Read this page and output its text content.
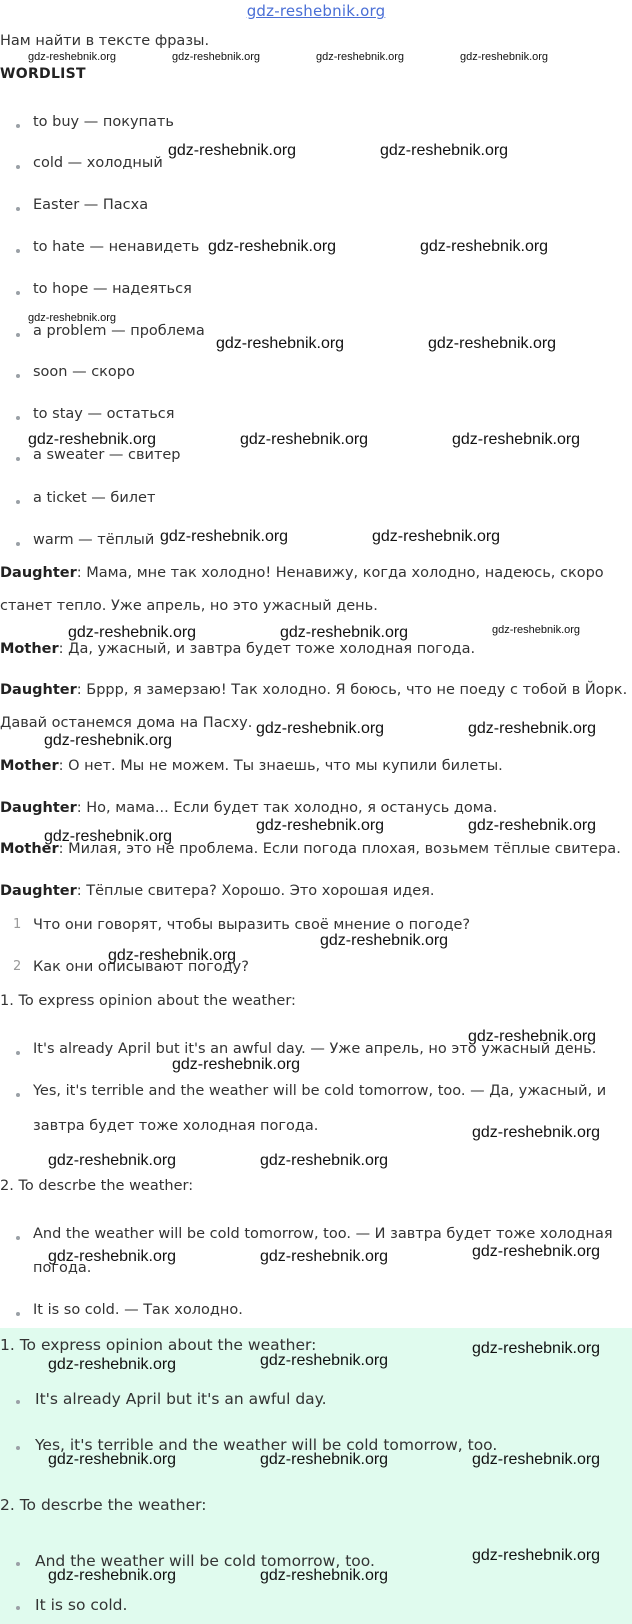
gdz-reshebnik.org
Нам найти в тексте фразы.
WORDLIST
to buy — покупать
cold — холодный
Easter — Пасха
to hate — ненавидеть
to hope — надеяться
a problem — проблема
soon — скоро
to stay — остаться
a sweater — свитер
a ticket — билет
warm — тёплый
Daughter: Мама, мне так холодно! Ненавижу, когда холодно, надеюсь, скоро
станет тепло. Уже апрель, но это ужасный день.
Mother: Да, ужасный, и завтра будет тоже холодная погода.
Daughter: Бррр, я замерзаю! Так холодно. Я боюсь, что не поеду с тобой в Йорк.
Давай останемся дома на Пасху.
Mother: О нет. Мы не можем. Ты знаешь, что мы купили билеты.
Daughter: Но, мама... Если будет так холодно, я останусь дома.
Mother: Милая, это не проблема. Если погода плохая, возьмем тёплые свитера.
Daughter: Тёплые свитера? Хорошо. Это хорошая идея.
1 Что они говорят, чтобы выразить своё мнение о погоде?
2 Как они описывают погоду?
1. To express opinion about the weather:
It's already April but it's an awful day. — Уже апрель, но это ужасный день.
Yes, it's terrible and the weather will be cold tomorrow, too. — Да, ужасный, и
завтра будет тоже холодная погода.
2. To descrbe the weather:
And the weather will be cold tomorrow, too. — И завтра будет тоже холодная
погода.
It is so cold. — Так холодно.
1. To express opinion about the weather:
It's already April but it's an awful day.
Yes, it's terrible and the weather will be cold tomorrow, too.
2. To descrbe the weather:
And the weather will be cold tomorrow, too.
It is so cold.
gdz-reshebnik.org	gdz-reshebnik.org	gdz-reshebnik.org	gdz-reshebnik.org
gdz-reshebnik.org	gdz-reshebnik.org
gdz-reshebnik.org	gdz-reshebnik.org
gdz-reshebnik.org
gdz-reshebnik.org	gdz-reshebnik.org
gdz-reshebnik.org	gdz-reshebnik.org	gdz-reshebnik.org
gdz-reshebnik.org	gdz-reshebnik.org
gdz-reshebnik.org	gdz-reshebnik.org	gdz-reshebnik.org
gdz-reshebnik.org	gdz-reshebnik.org
gdz-reshebnik.org
gdz-reshebnik.org	gdz-reshebnik.org
gdz-reshebnik.org
gdz-reshebnik.org
gdz-reshebnik.org
gdz-reshebnik.org
gdz-reshebnik.org
gdz-reshebnik.org
gdz-reshebnik.org	gdz-reshebnik.org
gdz-reshebnik.org
gdz-reshebnik.org	gdz-reshebnik.org
gdz-reshebnik.org
gdz-reshebnik.org
gdz-reshebnik.org
gdz-reshebnik.org	gdz-reshebnik.org	gdz-reshebnik.org
gdz-reshebnik.org
gdz-reshebnik.org	gdz-reshebnik.org
